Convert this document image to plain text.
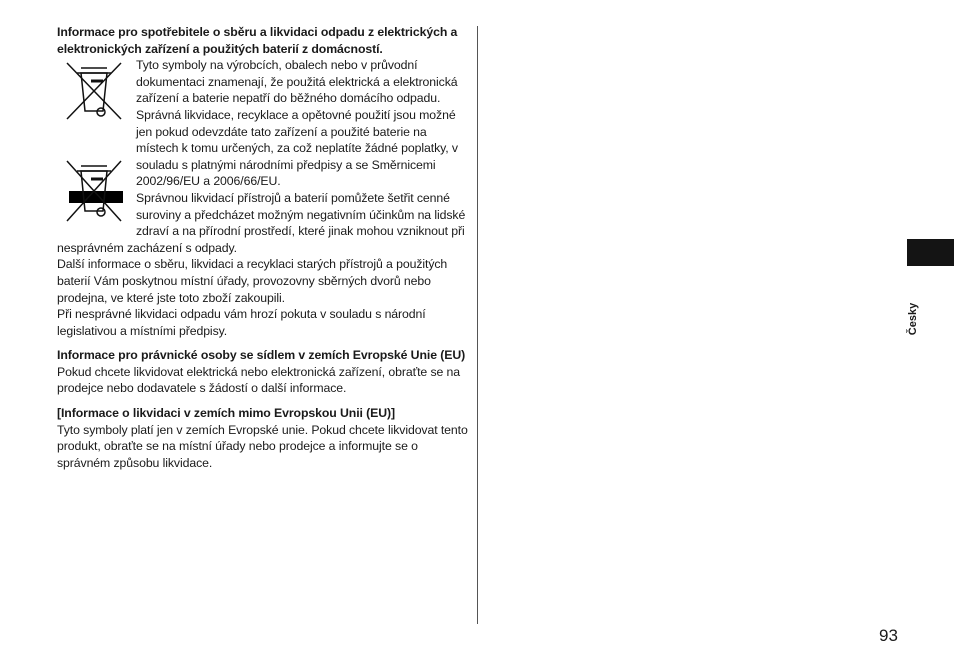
Informace pro spotřebitele o sběru a likvidaci odpadu z elektrických a elektronických zařízení a použitých baterií z domácností.

Tyto symboly na výrobcích, obalech nebo v průvodní dokumentaci znamenají, že použitá elektrická a elektronická zařízení a baterie nepatří do běžného domácího odpadu.

Správná likvidace, recyklace a opětovné použití jsou možné jen pokud odevzdáte tato zařízení a použité baterie na místech k tomu určených, za což neplatíte žádné poplatky, v souladu s platnými národními předpisy a se Směrnicemi 2002/96/EU a 2006/66/EU.

Správnou likvidací přístrojů a baterií pomůžete šetřit cenné suroviny a předcházet možným negativním účinkům na lidské zdraví a na přírodní prostředí, které jinak mohou vzniknout při nesprávném zacházení s odpady.

Další informace o sběru, likvidaci a recyklaci starých přístrojů a použitých baterií Vám poskytnou místní úřady, provozovny sběrných dvorů nebo prodejna, ve které jste toto zboží zakoupili.

Při nesprávné likvidaci odpadu vám hrozí pokuta v souladu s národní legislativou a místními předpisy.

Informace pro právnické osoby se sídlem v zemích Evropské Unie (EU)

Pokud chcete likvidovat elektrická nebo elektronická zařízení, obraťte se na prodejce nebo dodavatele s žádostí o další informace.

[Informace o likvidaci v zemích mimo Evropskou Unii (EU)]

Tyto symboly platí jen v zemích Evropské unie. Pokud chcete likvidovat tento produkt, obraťte se na místní úřady nebo prodejce a informujte se o správném způsobu likvidace.

Česky
93
